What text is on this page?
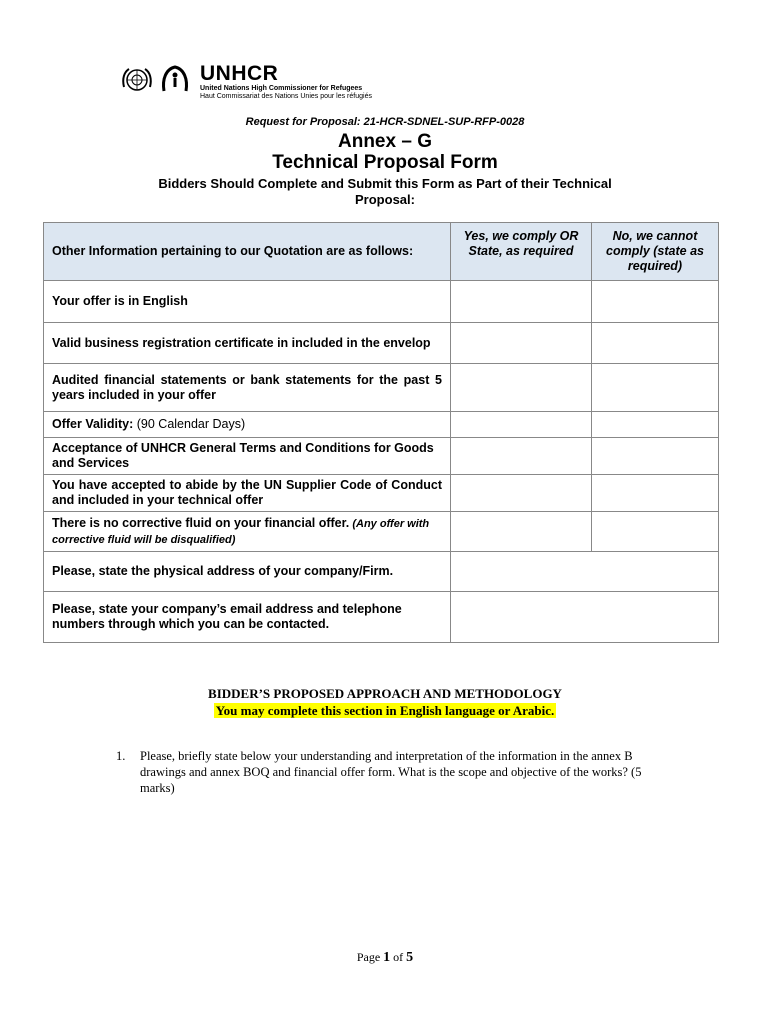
UNHCR
United Nations High Commissioner for Refugees
Haut Commissariat des Nations Unies pour les réfugiés
Request for Proposal: 21-HCR-SDNEL-SUP-RFP-0028
Annex – G
Technical Proposal Form
Bidders Should Complete and Submit this Form as Part of their Technical
Proposal:
Other Information pertaining to our Quotation are as follows:	Yes, we comply OR State, as required	No, we cannot comply (state as required)
Your offer is in English		
Valid business registration certificate in included in the envelop		
Audited financial statements or bank statements for the past 5 years included in your offer		
Offer Validity: (90 Calendar Days)		
Acceptance of UNHCR General Terms and Conditions for Goods and Services		
You have accepted to abide by the UN Supplier Code of Conduct and included in your technical offer		
There is no corrective fluid on your financial offer. (Any offer with corrective fluid will be disqualified)		
Please, state the physical address of your company/Firm.		
Please, state your company’s email address and telephone numbers through which you can be contacted.		
BIDDER’S PROPOSED APPROACH AND METHODOLOGY
You may complete this section in English language or Arabic.
1. Please, briefly state below your understanding and interpretation of the information in the annex B drawings and annex BOQ and financial offer form. What is the scope and objective of the works? (5 marks)
Page 1 of 5
